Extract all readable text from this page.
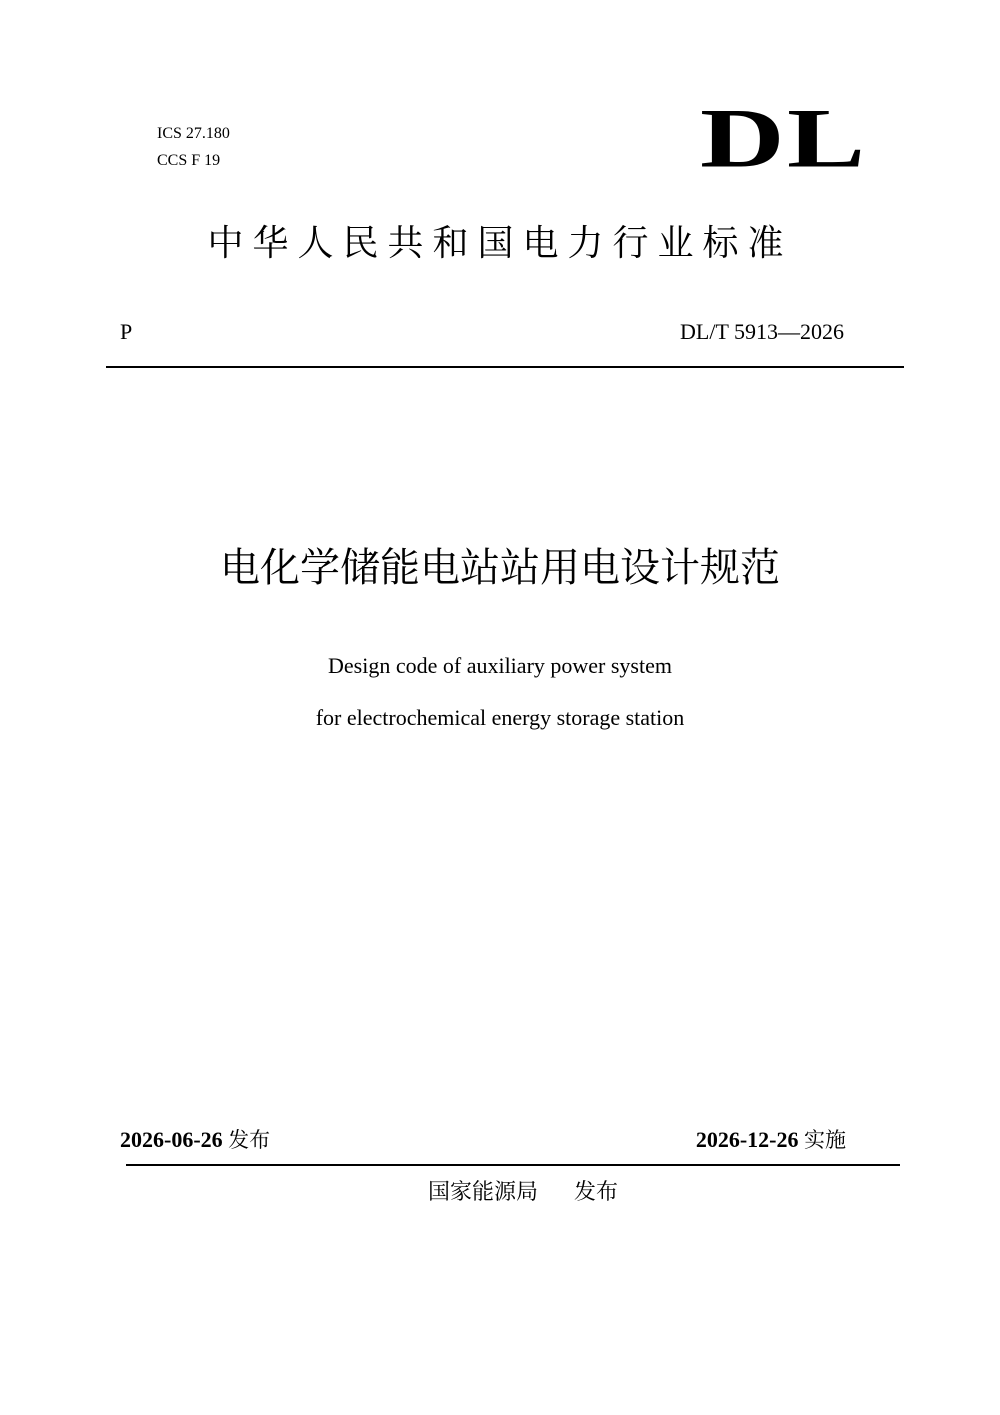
ICS 27.180
CCS F 19	DL
中华人民共和国电力行业标准
P	DL/T 5913—2026
电化学储能电站站用电设计规范
Design code of auxiliary power system
for electrochemical energy storage station
2026-06-26 发布	2026-12-26 实施
国家能源局 发布
